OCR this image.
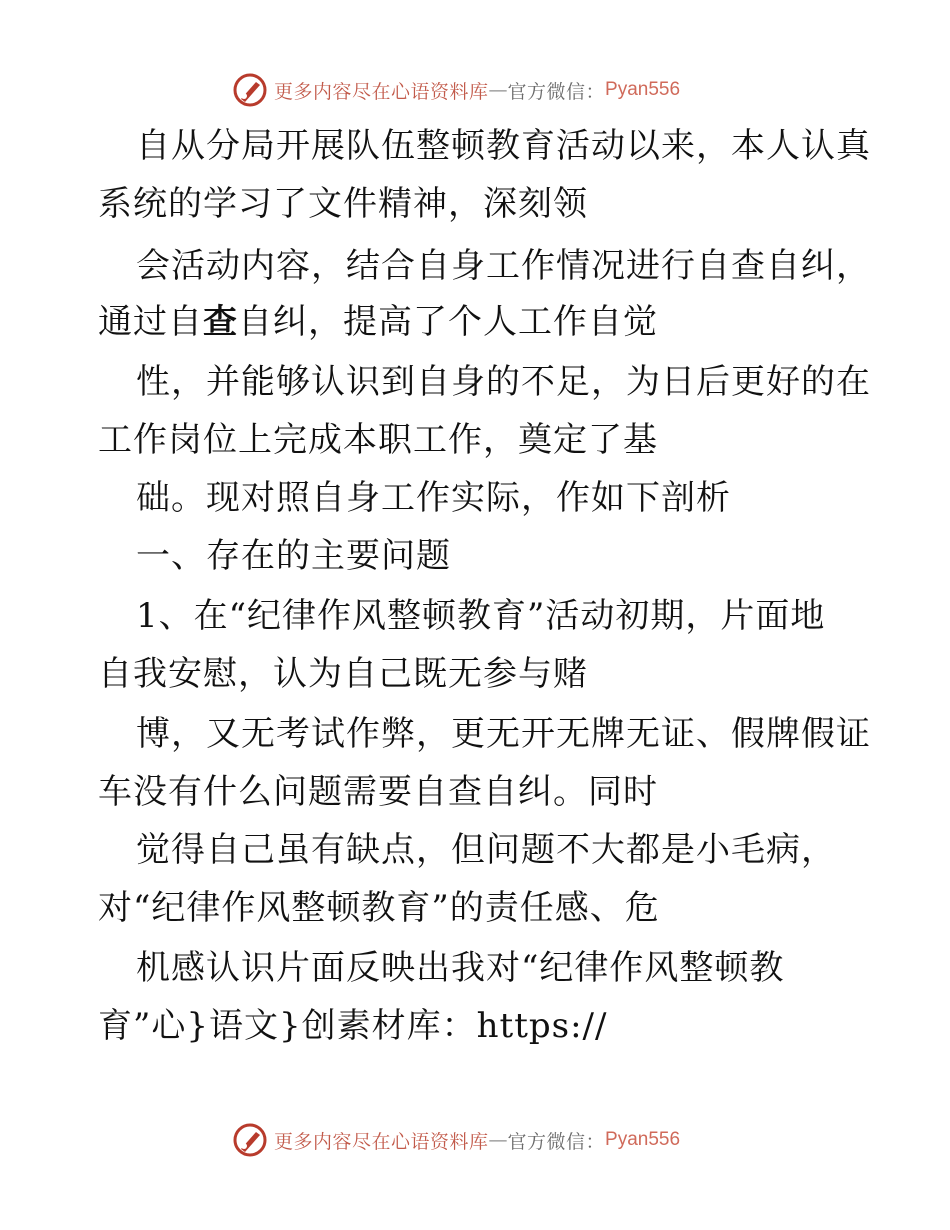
更多内容尽在心语资料库 — 官方微信： Pyan556
自从分局开展队伍整顿教育活动以来，本人认真
系统的学习了文件精神，深刻领
会活动内容，结合自身工作情况进行自查自纠，
通过自查自纠，提高了个人工作自觉
性，并能够认识到自身的不足，为日后更好的在
工作岗位上完成本职工作，奠定了基
础。现对照自身工作实际，作如下剖析
一、存在的主要问题
1、在“纪律作风整顿教育”活动初期，片面地
自我安慰，认为自己既无参与赌
博，又无考试作弊，更无开无牌无证、假牌假证
车没有什么问题需要自查自纠。同时
觉得自己虽有缺点，但问题不大都是小毛病，
对“纪律作风整顿教育”的责任感、危
机感认识片面反映出我对“纪律作风整顿教
育”心}语文}创素材库：https://
更多内容尽在心语资料库 — 官方微信： Pyan556
